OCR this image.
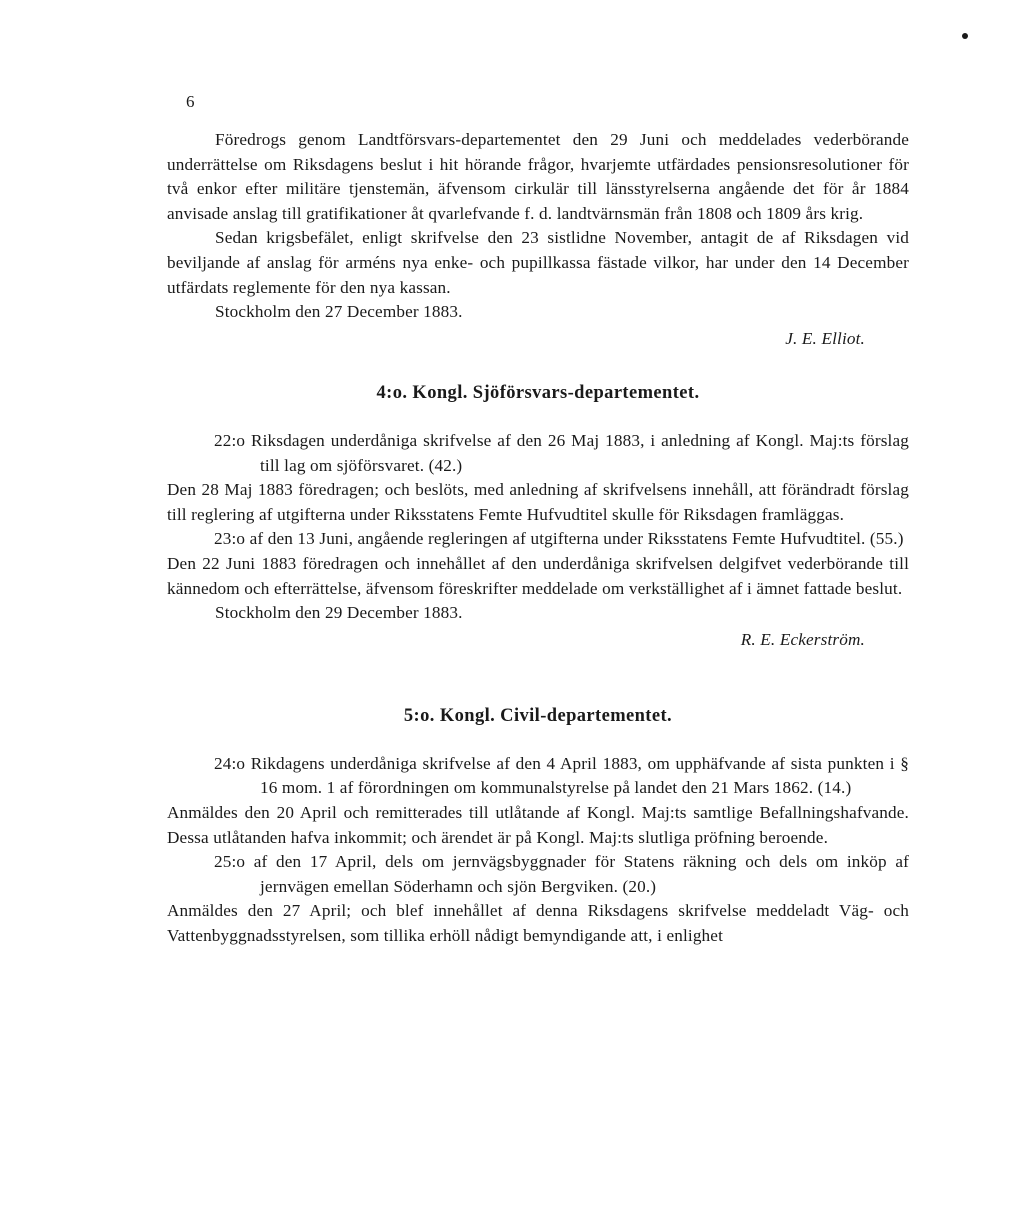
6

Föredrogs genom Landtförsvars-departementet den 29 Juni och meddelades vederbörande underrättelse om Riksdagens beslut i hit hörande frågor, hvarjemte utfärdades pensionsresolutioner för två enkor efter militäre tjenstemän, äfvensom cirkulär till länsstyrelserna angående det för år 1884 anvisade anslag till gratifikationer åt qvarlefvande f. d. landtvärnsmän från 1808 och 1809 års krig.

Sedan krigsbefälet, enligt skrifvelse den 23 sistlidne November, antagit de af Riksdagen vid beviljande af anslag för arméns nya enke- och pupillkassa fästade vilkor, har under den 14 December utfärdats reglemente för den nya kassan.

Stockholm den 27 December 1883.

J. E. Elliot.

4:o. Kongl. Sjöförsvars-departementet.

22:o Riksdagen underdåniga skrifvelse af den 26 Maj 1883, i anledning af Kongl. Maj:ts förslag till lag om sjöförsvaret. (42.)

Den 28 Maj 1883 föredragen; och beslöts, med anledning af skrifvelsens innehåll, att förändradt förslag till reglering af utgifterna under Riksstatens Femte Hufvudtitel skulle för Riksdagen framläggas.

23:o af den 13 Juni, angående regleringen af utgifterna under Riksstatens Femte Hufvudtitel. (55.)

Den 22 Juni 1883 föredragen och innehållet af den underdåniga skrifvelsen delgifvet vederbörande till kännedom och efterrättelse, äfvensom föreskrifter meddelade om verkställighet af i ämnet fattade beslut.

Stockholm den 29 December 1883.

R. E. Eckerström.

5:o. Kongl. Civil-departementet.

24:o Rikdagens underdåniga skrifvelse af den 4 April 1883, om upphäfvande af sista punkten i § 16 mom. 1 af förordningen om kommunalstyrelse på landet den 21 Mars 1862. (14.)

Anmäldes den 20 April och remitterades till utlåtande af Kongl. Maj:ts samtlige Befallningshafvande. Dessa utlåtanden hafva inkommit; och ärendet är på Kongl. Maj:ts slutliga pröfning beroende.

25:o af den 17 April, dels om jernvägsbyggnader för Statens räkning och dels om inköp af jernvägen emellan Söderhamn och sjön Bergviken. (20.)

Anmäldes den 27 April; och blef innehållet af denna Riksdagens skrifvelse meddeladt Väg- och Vattenbyggnadsstyrelsen, som tillika erhöll nådigt bemyndigande att, i enlighet
